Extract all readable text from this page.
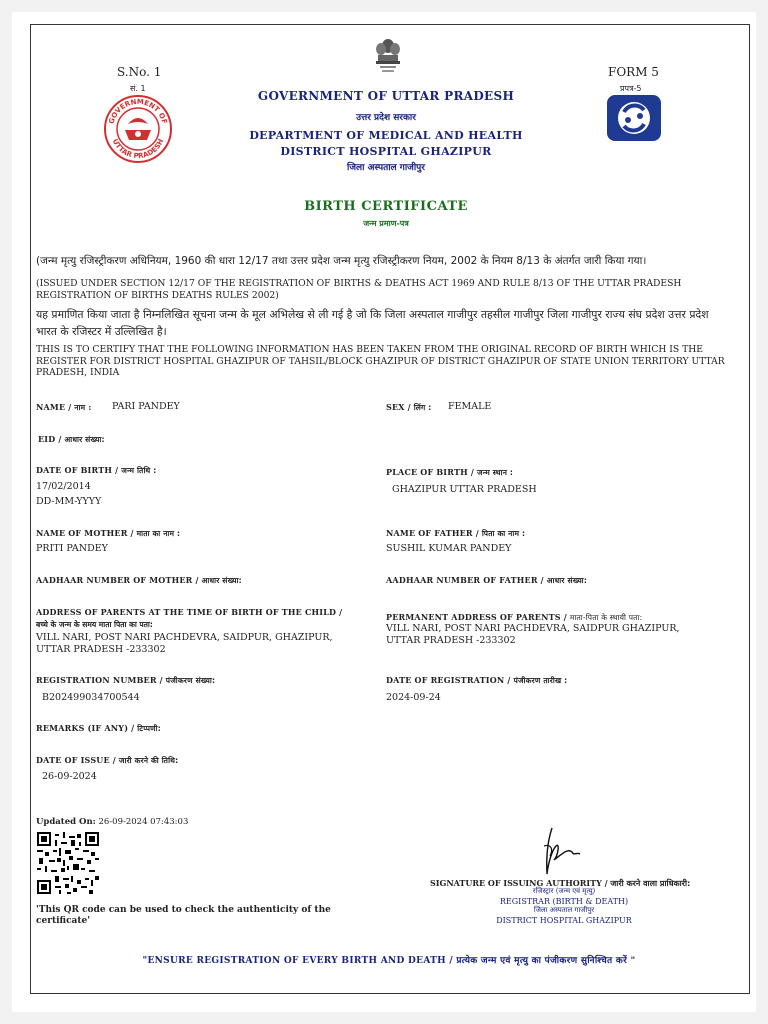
S.No. 1
सं. 1
GOVERNMENT OF
UTTAR PRADESH
FORM 5
प्रपत्र-5
GOVERNMENT OF UTTAR PRADESH
उत्तर प्रदेश सरकार
DEPARTMENT OF MEDICAL AND HEALTH
DISTRICT HOSPITAL GHAZIPUR
जिला अस्पताल गाजीपुर
BIRTH CERTIFICATE
जन्म प्रमाण-पत्र
(जन्म मृत्यु रजिस्ट्रीकरण अधिनियम, 1960 की धारा 12/17 तथा उत्तर प्रदेश जन्म मृत्यु रजिस्ट्रीकरण नियम, 2002 के नियम 8/13 के अंतर्गत जारी किया गया।
(ISSUED UNDER SECTION 12/17 OF THE REGISTRATION OF BIRTHS & DEATHS ACT 1969 AND RULE 8/13 OF THE UTTAR PRADESH REGISTRATION OF BIRTHS DEATHS RULES 2002)
यह प्रमाणित किया जाता है निम्नलिखित सूचना जन्म के मूल अभिलेख से ली गई है जो कि जिला अस्पताल गाजीपुर तहसील गाजीपुर जिला गाजीपुर राज्य संघ प्रदेश उत्तर प्रदेश भारत के रजिस्टर में उल्लिखित है।
THIS IS TO CERTIFY THAT THE FOLLOWING INFORMATION HAS BEEN TAKEN FROM THE ORIGINAL RECORD OF BIRTH WHICH IS THE REGISTER FOR DISTRICT HOSPITAL GHAZIPUR OF TAHSIL/BLOCK GHAZIPUR OF DISTRICT GHAZIPUR OF STATE UNION TERRITORY UTTAR PRADESH, INDIA
NAME / नाम : PARI PANDEY	SEX / लिंग : FEMALE
EID / आधार संख्या:
DATE OF BIRTH / जन्म तिथि :
17/02/2014
DD-MM-YYYY
PLACE OF BIRTH / जन्म स्थान :
GHAZIPUR UTTAR PRADESH
NAME OF MOTHER / माता का नाम :
PRITI PANDEY
NAME OF FATHER / पिता का नाम :
SUSHIL KUMAR PANDEY
AADHAAR NUMBER OF MOTHER / आधार संख्या:	AADHAAR NUMBER OF FATHER / आधार संख्या:
ADDRESS OF PARENTS AT THE TIME OF BIRTH OF THE CHILD /
बच्चे के जन्म के समय माता पिता का पता:
VILL NARI, POST NARI PACHDEVRA, SAIDPUR, GHAZIPUR, UTTAR PRADESH -233302
PERMANENT ADDRESS OF PARENTS / माता-पिता के स्थायी पता:
VILL NARI, POST NARI PACHDEVRA, SAIDPUR GHAZIPUR, UTTAR PRADESH -233302
REGISTRATION NUMBER / पंजीकरण संख्या:
B202499034700544
DATE OF REGISTRATION / पंजीकरण तारीख :
2024-09-24
REMARKS (IF ANY) / टिप्पणी:
DATE OF ISSUE / जारी करने की तिथि:
26-09-2024
Updated On: 26-09-2024 07:43:03
'This QR code can be used to check the authenticity of the certificate'
SIGNATURE OF ISSUING AUTHORITY / जारी करने वाला प्राधिकारी:
रजिस्ट्रार (जन्म एवं मृत्यु)
REGISTRAR (BIRTH & DEATH)
जिला अस्पताल गाजीपुर
DISTRICT HOSPITAL GHAZIPUR
"ENSURE REGISTRATION OF EVERY BIRTH AND DEATH / प्रत्येक जन्म एवं मृत्यु का पंजीकरण सुनिश्चित करें "
